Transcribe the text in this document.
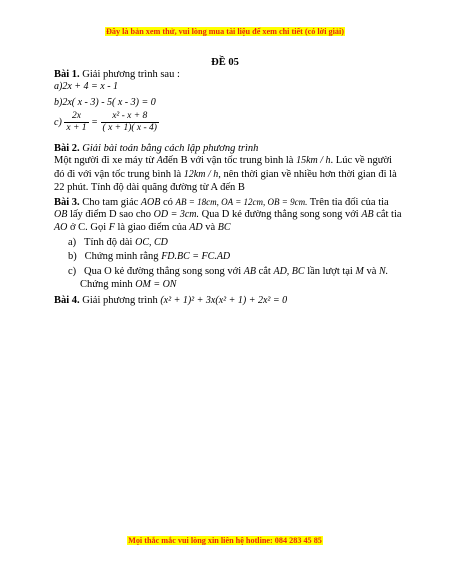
Đây là bản xem thử, vui lòng mua tài liệu để xem chi tiết (có lời giải)
ĐỀ 05
Bài 1. Giải phương trình sau :
a)2x + 4 = x - 1
b)2x( x - 3) - 5( x - 3) = 0
$c) \frac{2x}{x + 1} = \frac{\text{x² - x + 8}}{( x + 1)( x - 4)}$
Bài 2. Giải bài toán bằng cách lập phương trình
Một người đi xe máy từ Ađến B với vận tốc trung bình là 15km / h. Lúc về người
đó đi với vận tốc trung bình là 12km / h, nên thời gian về nhiều hơn thời gian đi là
22 phút. Tính độ dài quãng đường từ A đến B
Bài 3. Cho tam giác AOB có AB = 18cm, OA = 12cm, OB = 9cm. Trên tia đối của tia
OB lấy điểm D sao cho OD = 3cm. Qua D kẻ đường thẳng song song với AB cắt tia
AO ở C. Gọi F là giao điểm của AD và BC
a) Tính độ dài OC, CD
b) Chứng minh rằng FD.BC = FC.AD
c) Qua O kẻ đường thẳng song song với AB cắt AD, BC lần lượt tại M và N.
Chứng minh OM = ON
Bài 4. Giải phương trình (x² + 1)² + 3x(x² + 1) + 2x² = 0
Mọi thắc mắc vui lòng xin liên hệ hotline: 084 283 45 85
